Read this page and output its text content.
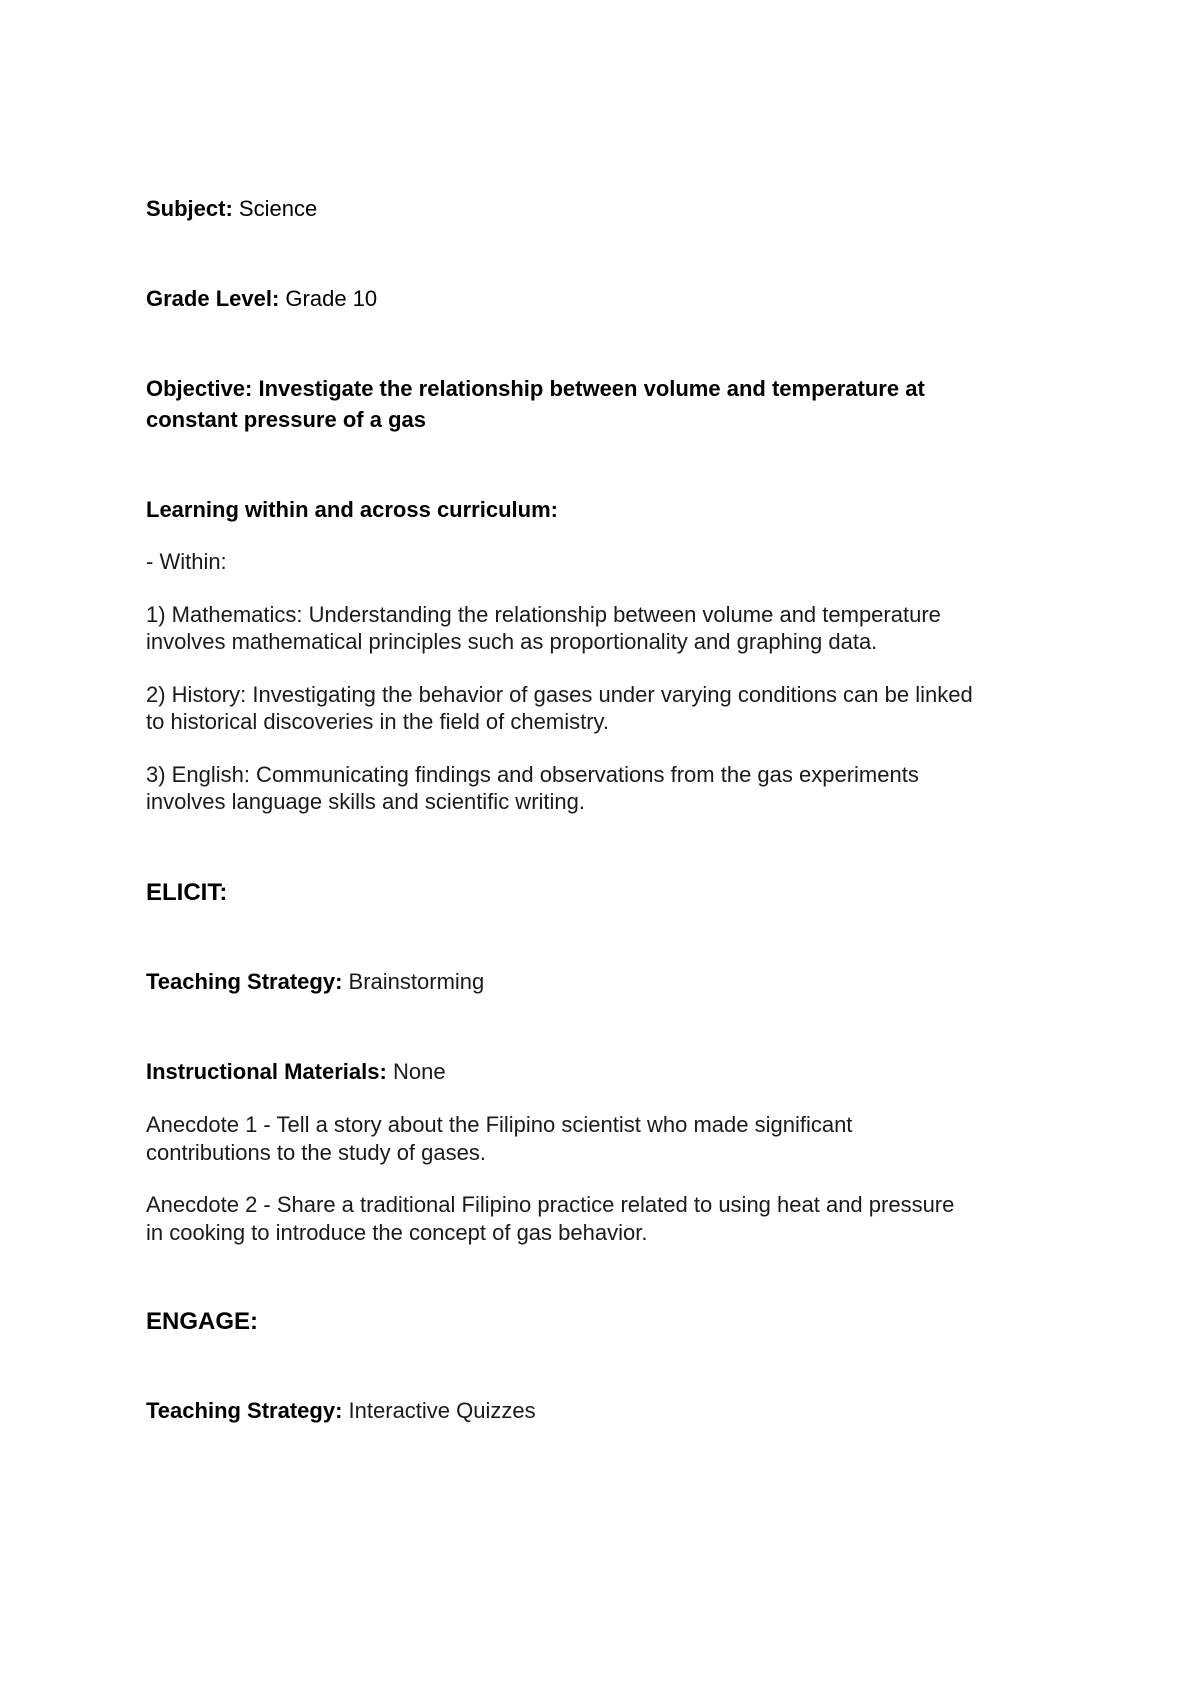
Subject: Science
Grade Level: Grade 10
Objective: Investigate the relationship between volume and temperature at
constant pressure of a gas
Learning within and across curriculum:
- Within:
1) Mathematics: Understanding the relationship between volume and temperature
involves mathematical principles such as proportionality and graphing data.
2) History: Investigating the behavior of gases under varying conditions can be linked
to historical discoveries in the field of chemistry.
3) English: Communicating findings and observations from the gas experiments
involves language skills and scientific writing.
ELICIT:
Teaching Strategy: Brainstorming
Instructional Materials: None
Anecdote 1 - Tell a story about the Filipino scientist who made significant
contributions to the study of gases.
Anecdote 2 - Share a traditional Filipino practice related to using heat and pressure
in cooking to introduce the concept of gas behavior.
ENGAGE:
Teaching Strategy: Interactive Quizzes
